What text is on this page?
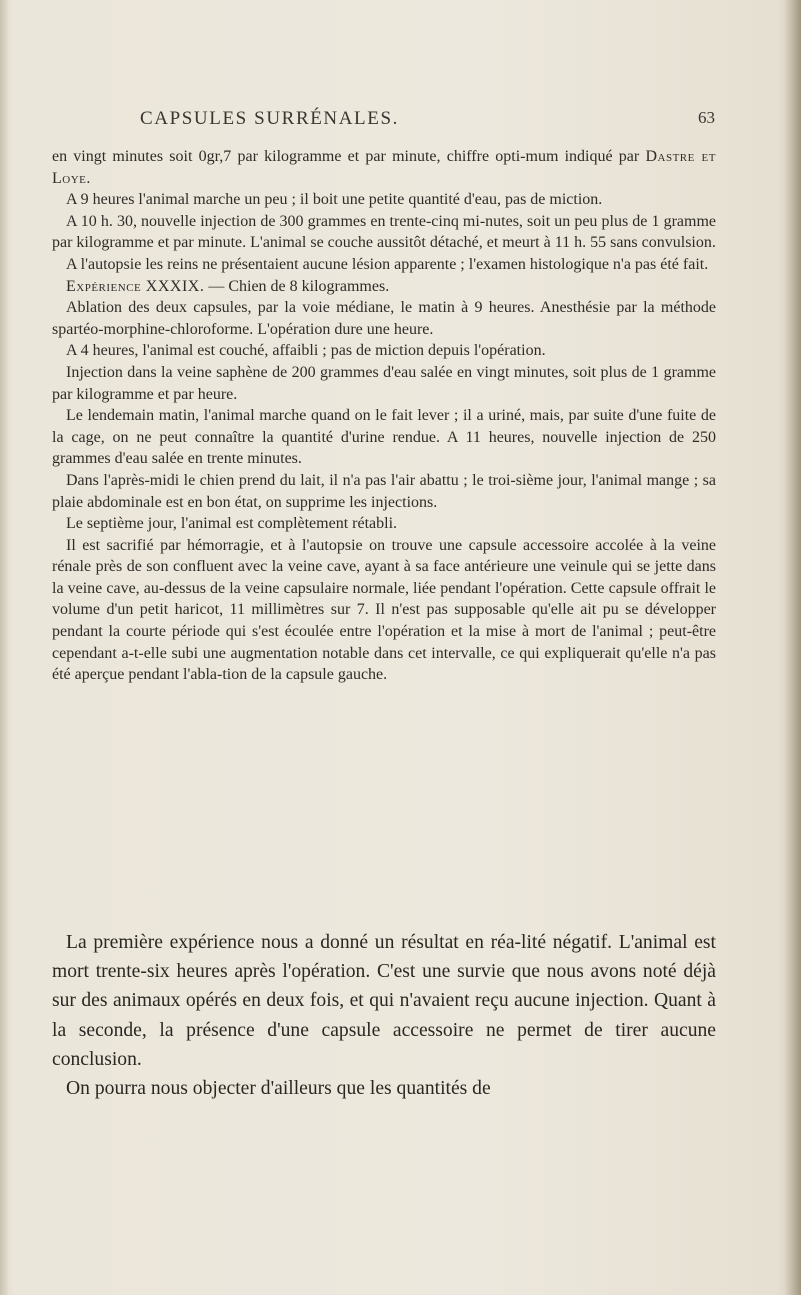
CAPSULES SURRÉNALES.	63

en vingt minutes soit 0gr,7 par kilogramme et par minute, chiffre opti-mum indiqué par Dastre et Loye.

A 9 heures l'animal marche un peu ; il boit une petite quantité d'eau, pas de miction.

A 10 h. 30, nouvelle injection de 300 grammes en trente-cinq mi-nutes, soit un peu plus de 1 gramme par kilogramme et par minute. L'animal se couche aussitôt détaché, et meurt à 11 h. 55 sans convulsion.

A l'autopsie les reins ne présentaient aucune lésion apparente ; l'examen histologique n'a pas été fait.

Expérience XXXIX. — Chien de 8 kilogrammes.

Ablation des deux capsules, par la voie médiane, le matin à 9 heures. Anesthésie par la méthode spartéo-morphine-chloroforme. L'opération dure une heure.

A 4 heures, l'animal est couché, affaibli ; pas de miction depuis l'opération.

Injection dans la veine saphène de 200 grammes d'eau salée en vingt minutes, soit plus de 1 gramme par kilogramme et par heure.

Le lendemain matin, l'animal marche quand on le fait lever ; il a uriné, mais, par suite d'une fuite de la cage, on ne peut connaître la quantité d'urine rendue. A 11 heures, nouvelle injection de 250 grammes d'eau salée en trente minutes.

Dans l'après-midi le chien prend du lait, il n'a pas l'air abattu ; le troi-sième jour, l'animal mange ; sa plaie abdominale est en bon état, on supprime les injections.

Le septième jour, l'animal est complètement rétabli.

Il est sacrifié par hémorragie, et à l'autopsie on trouve une capsule accessoire accolée à la veine rénale près de son confluent avec la veine cave, ayant à sa face antérieure une veinule qui se jette dans la veine cave, au-dessus de la veine capsulaire normale, liée pendant l'opération. Cette capsule offrait le volume d'un petit haricot, 11 millimètres sur 7. Il n'est pas supposable qu'elle ait pu se développer pendant la courte période qui s'est écoulée entre l'opération et la mise à mort de l'animal ; peut-être cependant a-t-elle subi une augmentation notable dans cet intervalle, ce qui expliquerait qu'elle n'a pas été aperçue pendant l'abla-tion de la capsule gauche.

La première expérience nous a donné un résultat en réa-lité négatif. L'animal est mort trente-six heures après l'opération. C'est une survie que nous avons noté déjà sur des animaux opérés en deux fois, et qui n'avaient reçu aucune injection. Quant à la seconde, la présence d'une capsule accessoire ne permet de tirer aucune conclusion.

On pourra nous objecter d'ailleurs que les quantités de
